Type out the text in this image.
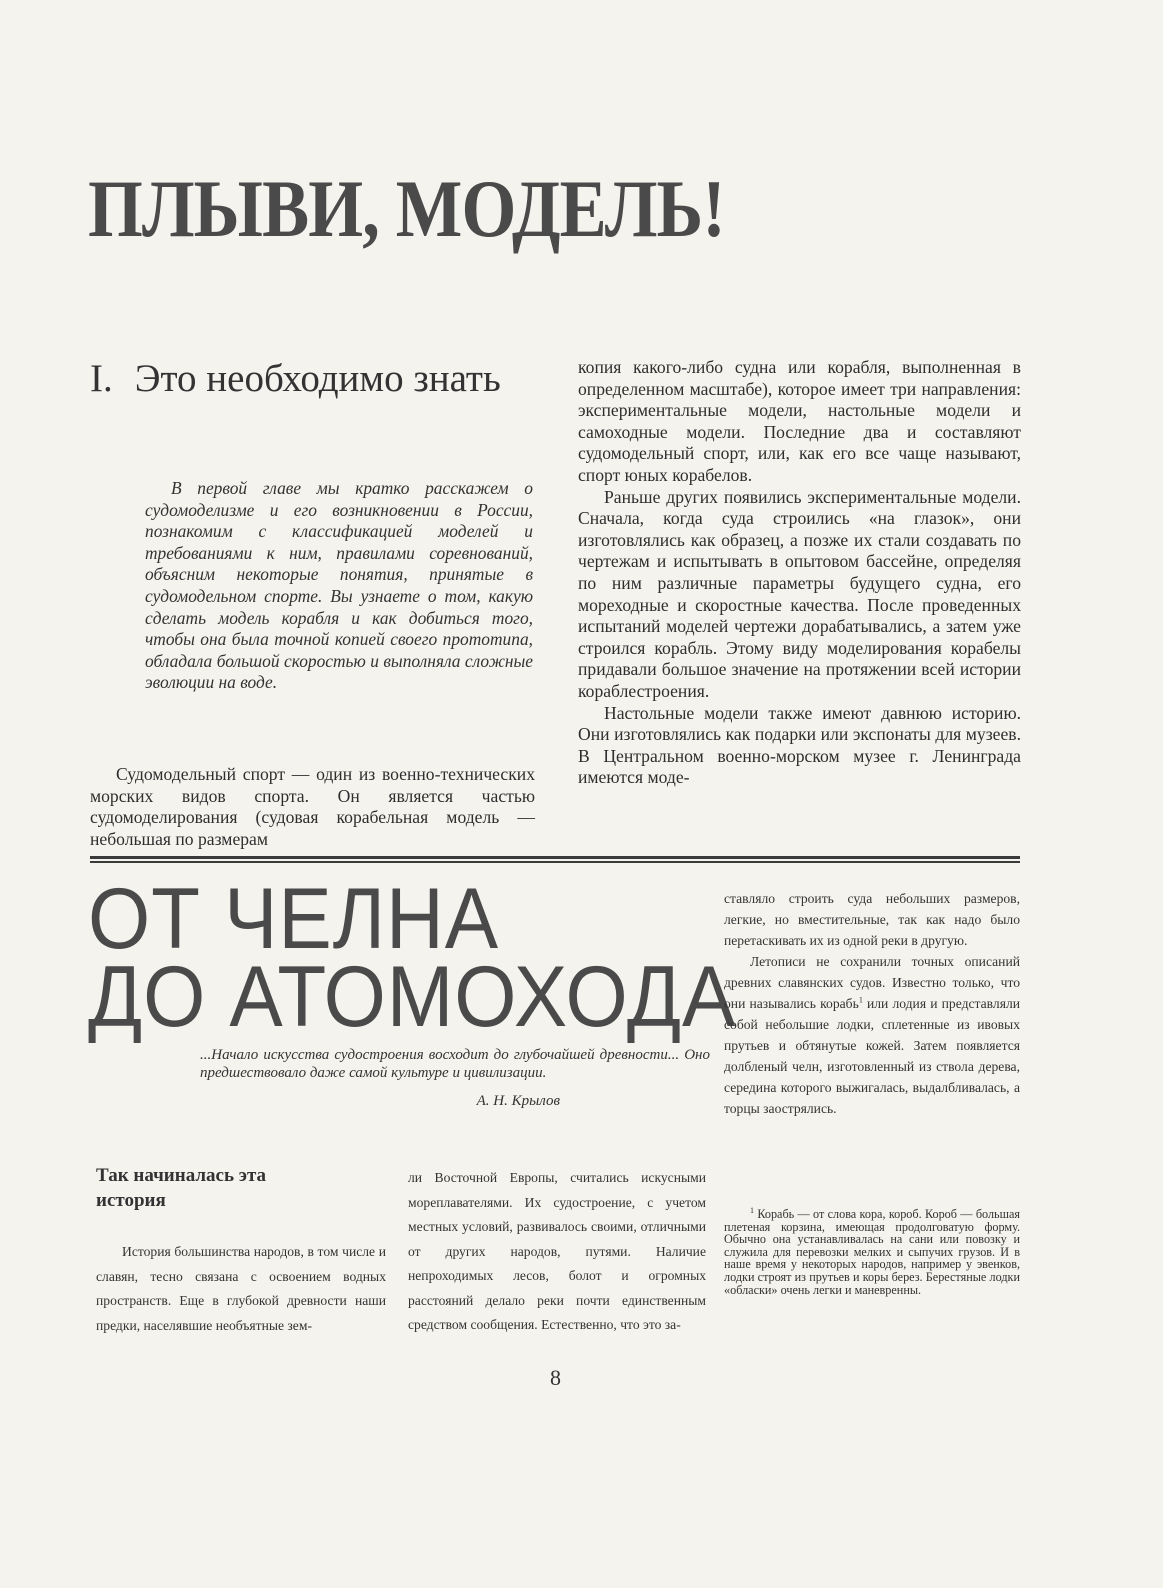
ПЛЫВИ, МОДЕЛЬ!
I. Это необходимо знать

В первой главе мы кратко расскажем о судомоделизме и его возникновении в России, познакомим с классификацией моделей и требованиями к ним, правилами соревнований, объясним некоторые понятия, принятые в судомодельном спорте. Вы узнаете о том, какую сделать модель корабля и как добиться того, чтобы она была точной копией своего прототипа, обладала большой скоростью и выполняла сложные эволюции на воде.

Судомодельный спорт — один из военно-технических морских видов спорта. Он является частью судомоделирования (судовая корабельная модель — небольшая по размерам

копия какого-либо судна или корабля, выполненная в определенном масштабе), которое имеет три направления: экспериментальные модели, настольные модели и самоходные модели. Последние два и составляют судомодельный спорт, или, как его все чаще называют, спорт юных корабелов.

Раньше других появились экспериментальные модели. Сначала, когда суда строились «на глазок», они изготовлялись как образец, а позже их стали создавать по чертежам и испытывать в опытовом бассейне, определяя по ним различные параметры будущего судна, его мореходные и скоростные качества. После проведенных испытаний моделей чертежи дорабатывались, а затем уже строился корабль. Этому виду моделирования корабелы придавали большое значение на протяжении всей истории кораблестроения.

Настольные модели также имеют давнюю историю. Они изготовлялись как подарки или экспонаты для музеев. В Центральном военно-морском музее г. Ленинграда имеются моде-

ОТ ЧЕЛНА
ДО АТОМОХОДА
...Начало искусства судостроения восходит до глубочайшей древности... Оно предшествовало даже самой культуре и цивилизации.
А. Н. Крылов

ставляло строить суда небольших размеров, легкие, но вместительные, так как надо было перетаскивать их из одной реки в другую.

Летописи не сохранили точных описаний древних славянских судов. Известно только, что они назывались корабь$^1$ или лодия и представляли собой небольшие лодки, сплетенные из ивовых прутьев и обтянутые кожей. Затем появляется долбленый челн, изготовленный из ствола дерева, середина которого выжигалась, выдалбливалась, а торцы заострялись.

$^1$ Корабь — от слова кора, короб. Короб — большая плетеная корзина, имеющая продолговатую форму. Обычно она устанавливалась на сани или повозку и служила для перевозки мелких и сыпучих грузов. И в наше время у некоторых народов, например у эвенков, лодки строят из прутьев и коры берез. Берестяные лодки «обласки» очень легки и маневренны.

Так начиналась эта история

История большинства народов, в том числе и славян, тесно связана с освоением водных пространств. Еще в глубокой древности наши предки, населявшие необъятные зем-

ли Восточной Европы, считались искусными мореплавателями. Их судостроение, с учетом местных условий, развивалось своими, отличными от других народов, путями. Наличие непроходимых лесов, болот и огромных расстояний делало реки почти единственным средством сообщения. Естественно, что это за-

8
